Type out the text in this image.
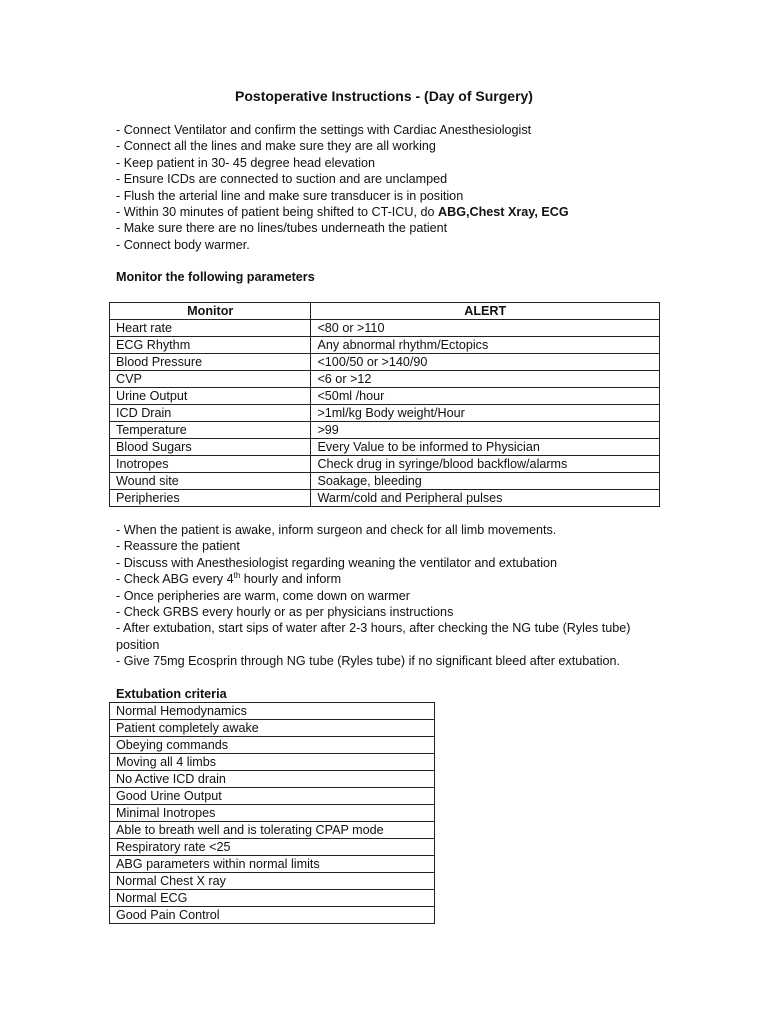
Postoperative Instructions - (Day of Surgery)
- Connect Ventilator and confirm the settings with Cardiac Anesthesiologist
- Connect all the lines and make sure they are all working
- Keep patient in 30- 45 degree head elevation
- Ensure ICDs are connected to suction and are unclamped
- Flush the arterial line and make sure transducer is in position
- Within 30 minutes of patient being shifted to CT-ICU, do ABG,Chest Xray, ECG
- Make sure there are no lines/tubes underneath the patient
- Connect body warmer.
Monitor the following parameters
Monitor	ALERT
Heart rate	<80 or >110
ECG Rhythm	Any abnormal rhythm/Ectopics
Blood Pressure	<100/50 or >140/90
CVP	<6 or >12
Urine Output	<50ml /hour
ICD Drain	>1ml/kg Body weight/Hour
Temperature	>99
Blood Sugars	Every Value to be informed to Physician
Inotropes	Check drug in syringe/blood backflow/alarms
Wound site	Soakage, bleeding
Peripheries	Warm/cold and Peripheral pulses
- When the patient is awake, inform surgeon and check for all limb movements.
- Reassure the patient
- Discuss with Anesthesiologist regarding weaning the ventilator and extubation
- Check ABG every 4th hourly and inform
- Once peripheries are warm, come down on warmer
- Check GRBS every hourly or as per physicians instructions
- After extubation, start sips of water after 2-3 hours, after checking the NG tube (Ryles tube) position
- Give 75mg Ecosprin through NG tube (Ryles tube) if no significant bleed after extubation.
Extubation criteria
Normal Hemodynamics
Patient completely awake
Obeying commands
Moving all 4 limbs
No Active ICD drain
Good Urine Output
Minimal Inotropes
Able to breath well and is tolerating CPAP mode
Respiratory rate <25
ABG parameters within normal limits
Normal Chest X ray
Normal ECG
Good Pain Control
